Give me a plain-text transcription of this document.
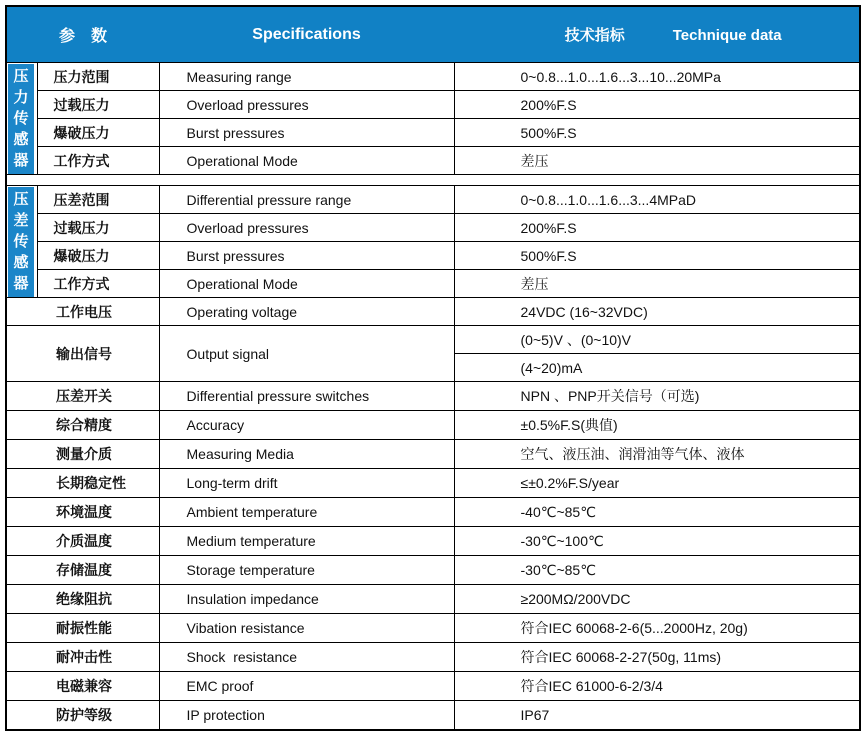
参　数		Specifications	技术指标 Technique data

压力传感器	压力范围	Measuring range	0~0.8...1.0...1.6...3...10...20MPa
	过载压力	Overload pressures	200%F.S
	爆破压力	Burst pressures	500%F.S
	工作方式	Operational Mode	差压

压差传感器	压差范围	Differential pressure range	0~0.8...1.0...1.6...3...4MPaD
	过载压力	Overload pressures	200%F.S
	爆破压力	Burst pressures	500%F.S
	工作方式	Operational Mode	差压
工作电压		Operating voltage	24VDC (16~32VDC)
输出信号		Output signal	(0~5)V 、(0~10)V
			(4~20)mA
压差开关		Differential pressure switches	NPN 、PNP开关信号（可选)
综合精度		Accuracy	±0.5%F.S(典值)
测量介质		Measuring Media	空气、液压油、润滑油等气体、液体
长期稳定性		Long-term drift	≤±0.2%F.S/year
环境温度		Ambient temperature	-40℃~85℃
介质温度		Medium temperature	-30℃~100℃
存储温度		Storage temperature	-30℃~85℃
绝缘阻抗		Insulation impedance	≥200MΩ/200VDC
耐振性能		Vibation resistance	符合IEC 60068-2-6(5...2000Hz, 20g)
耐冲击性		Shock  resistance	符合IEC 60068-2-27(50g, 11ms)
电磁兼容		EMC proof	符合IEC 61000-6-2/3/4
防护等级		IP protection	IP67
